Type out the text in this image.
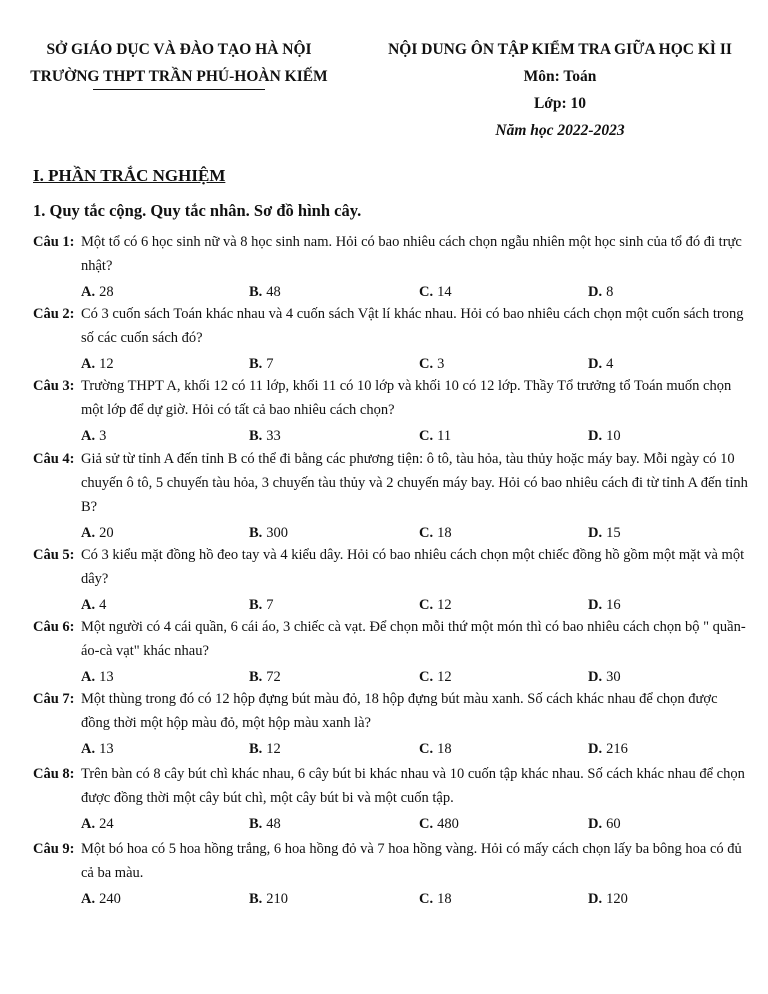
SỞ GIÁO DỤC VÀ ĐÀO TẠO HÀ NỘI
TRƯỜNG THPT TRẦN PHÚ-HOÀN KIẾM
NỘI DUNG ÔN TẬP KIỂM TRA GIỮA HỌC KÌ II
Môn: Toán
Lớp: 10
Năm học 2022-2023
I. PHẦN TRẮC NGHIỆM
1. Quy tắc cộng. Quy tắc nhân. Sơ đồ hình cây.
Câu 1: Một tổ có 6 học sinh nữ và 8 học sinh nam. Hỏi có bao nhiêu cách chọn ngẫu nhiên một học sinh của tổ đó đi trực nhật?
A. 28	B. 48	C. 14	D. 8
Câu 2: Có 3 cuốn sách Toán khác nhau và 4 cuốn sách Vật lí khác nhau. Hỏi có bao nhiêu cách chọn một cuốn sách trong số các cuốn sách đó?
A. 12	B. 7	C. 3	D. 4
Câu 3: Trường THPT A, khối 12 có 11 lớp, khối 11 có 10 lớp và khối 10 có 12 lớp. Thầy Tổ trưởng tổ Toán muốn chọn một lớp để dự giờ. Hỏi có tất cả bao nhiêu cách chọn?
A. 3	B. 33	C. 11	D. 10
Câu 4: Giả sử từ tỉnh A đến tỉnh B có thể đi bằng các phương tiện: ô tô, tàu hỏa, tàu thủy hoặc máy bay. Mỗi ngày có 10 chuyến ô tô, 5 chuyến tàu hỏa, 3 chuyến tàu thủy và 2 chuyến máy bay. Hỏi có bao nhiêu cách đi từ tỉnh A đến tỉnh B?
A. 20	B. 300	C. 18	D. 15
Câu 5: Có 3 kiểu mặt đồng hồ đeo tay và 4 kiểu dây. Hỏi có bao nhiêu cách chọn một chiếc đồng hồ gồm một mặt và một dây?
A. 4	B. 7	C. 12	D. 16
Câu 6: Một người có 4 cái quần, 6 cái áo, 3 chiếc cà vạt. Để chọn mỗi thứ một món thì có bao nhiêu cách chọn bộ " quần-áo-cà vạt" khác nhau?
A. 13	B. 72	C. 12	D. 30
Câu 7: Một thùng trong đó có 12 hộp đựng bút màu đỏ, 18 hộp đựng bút màu xanh. Số cách khác nhau để chọn được đồng thời một hộp màu đỏ, một hộp màu xanh là?
A. 13	B. 12	C. 18	D. 216
Câu 8: Trên bàn có 8 cây bút chì khác nhau, 6 cây bút bi khác nhau và 10 cuốn tập khác nhau. Số cách khác nhau để chọn được đồng thời một cây bút chì, một cây bút bi và một cuốn tập.
A. 24	B. 48	C. 480	D. 60
Câu 9: Một bó hoa có 5 hoa hồng trắng, 6 hoa hồng đỏ và 7 hoa hồng vàng. Hỏi có mấy cách chọn lấy ba bông hoa có đủ cả ba màu.
A. 240	B. 210	C. 18	D. 120
